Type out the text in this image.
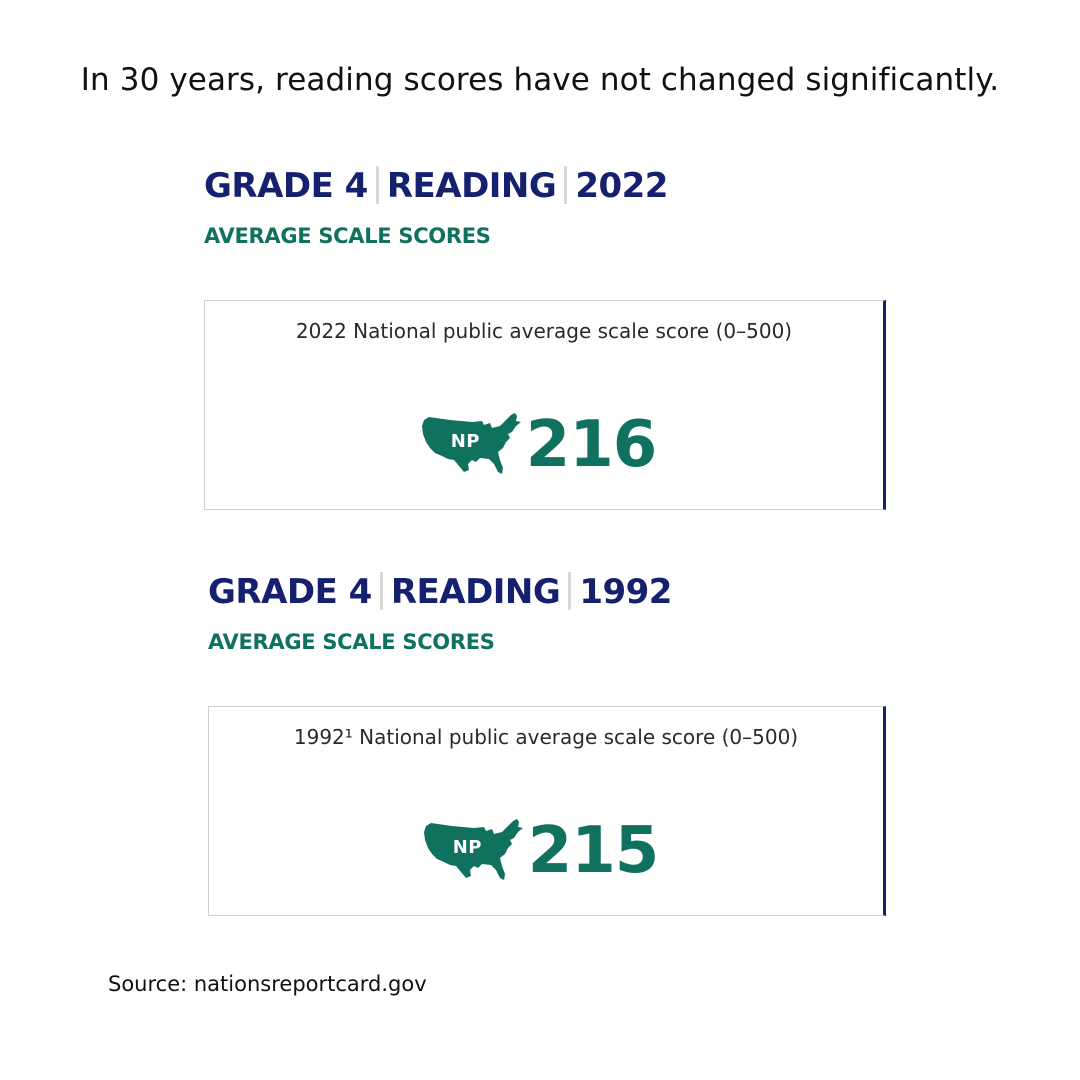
In 30 years, reading scores have not changed significantly.
GRADE 4 READING 2022
AVERAGE SCALE SCORES
2022 National public average scale score (0–500)
NP 216
GRADE 4 READING 1992
AVERAGE SCALE SCORES
1992¹ National public average scale score (0–500)
NP 215
Source: nationsreportcard.gov
